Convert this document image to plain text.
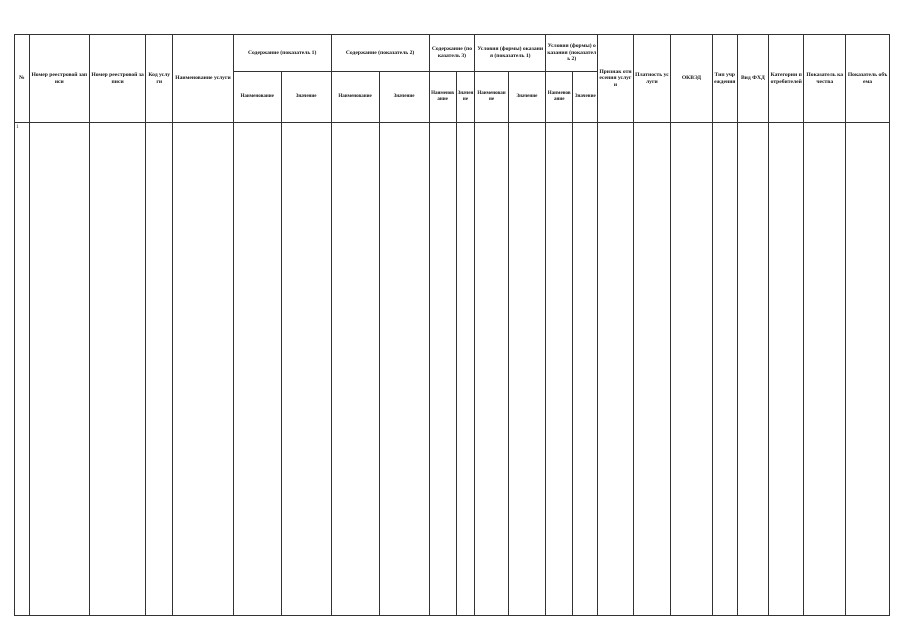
№	Номер реестровой записи	Номер реестровой записи	Код услуги	Наименование услуги	Содержание (показатель 1)		Содержание (показатель 2)		Содержание (показатель 3)		Условия (формы) оказания (показатель 1)		Условия (формы) оказания (показатель 2)		Признак отнесения услуги	Платность услуги	ОКВЭД	Тип учреждения	Вид ФХД	Категории потребителей	Показатель качества	Показатель объема
					Наименование	Значение	Наименование	Значение	Наименование	Значение	Наименование	Значение	Наименование	Значение								
1																						
